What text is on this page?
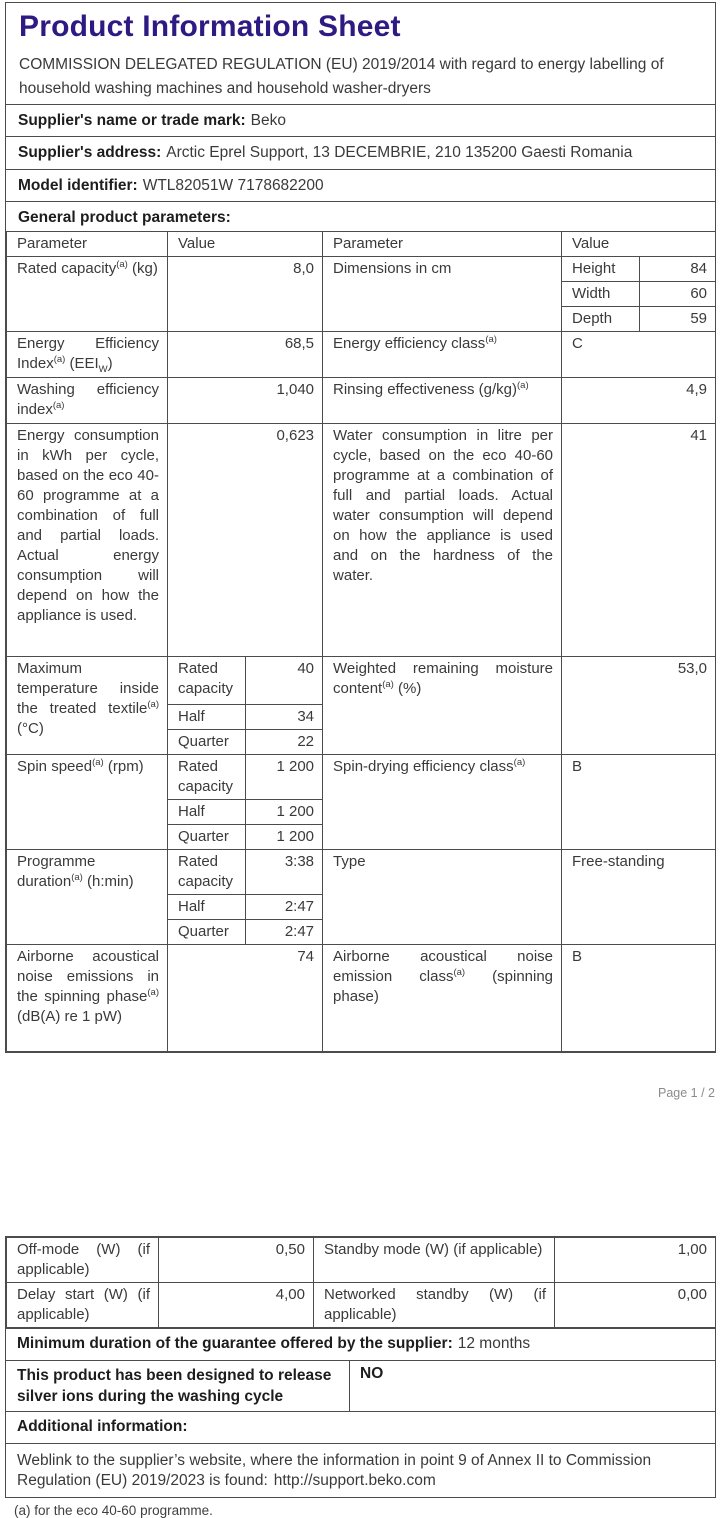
Product Information Sheet

COMMISSION DELEGATED REGULATION (EU) 2019/2014 with regard to energy labelling of household washing machines and household washer-dryers

Supplier's name or trade mark: Beko
Supplier's address: Arctic Eprel Support, 13 DECEMBRIE, 210 135200 Gaesti Romania
Model identifier: WTL82051W 7178682200
General product parameters:
Parameter	Value		Parameter	Value	
Rated capacity$^{(a)}$ (kg)	8,0		Dimensions in cm	Height	84
				Width	60
				Depth	59
Energy Efficiency Index$^{(a)}$ $(EEI_W)$	68,5		Energy efficiency class$^{(a)}$	C	
Washing efficiency index$^{(a)}$	1,040		Rinsing effectiveness $(g/kg)^{(a)}$	4,9	
Energy consumption in kWh per cycle, based on the eco 40-60 programme at a combination of full and partial loads. Actual energy consumption will depend on how the appliance is used.	0,623		Water consumption in litre per cycle, based on the eco 40-60 programme at a combination of full and partial loads. Actual water consumption will depend on how the appliance is used and on the hardness of the water.	41	
Maximum temperature inside the treated textile$^{(a)}$ (°C)	Rated capacity	40	Weighted remaining moisture content$^{(a)}$ (%)	53,0	
	Half	34			
	Quarter	22			
Spin speed$^{(a)}$ (rpm)	Rated capacity	1 200	Spin-drying efficiency class$^{(a)}$	B	
	Half	1 200			
	Quarter	1 200			
Programme duration$^{(a)}$ (h:min)	Rated capacity	3:38	Type	Free-standing	
	Half	2:47			
	Quarter	2:47			
Airborne acoustical noise emissions in the spinning phase$^{(a)}$ (dB(A) re 1 pW)	74		Airborne acoustical noise emission class$^{(a)}$ (spinning phase)	B	
Page 1 / 2
Off-mode (W) (if applicable)	0,50	Standby mode (W) (if applicable)	1,00
Delay start (W) (if applicable)	4,00	Networked standby (W) (if applicable)	0,00
Minimum duration of the guarantee offered by the supplier: 12 months
This product has been designed to release silver ions during the washing cycle
NO
Additional information:
Weblink to the supplier’s website, where the information in point 9 of Annex II to Commission Regulation (EU) 2019/2023 is found: http://support.beko.com
(a) for the eco 40-60 programme.
